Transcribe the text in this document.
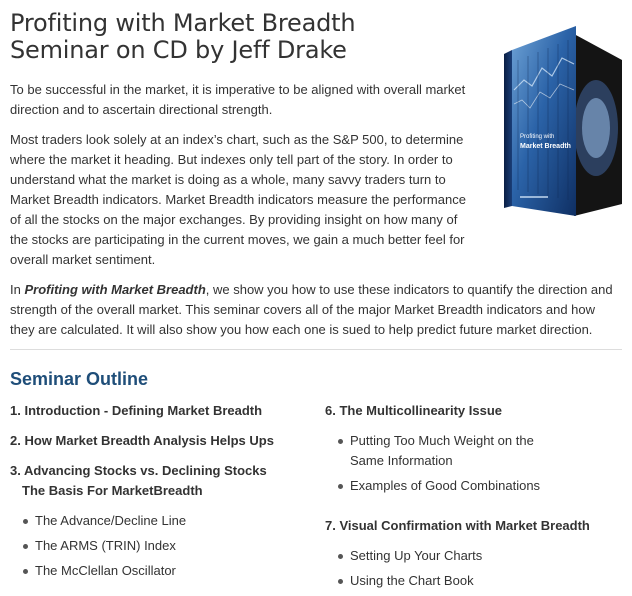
Profiting with Market Breadth
Seminar on CD by Jeff Drake
Profiting with
Market Breadth

To be successful in the market, it is imperative to be aligned with overall market
direction and to ascertain directional strength.

Most traders look solely at an index’s chart, such as the S&P 500, to determine
where the market it heading. But indexes only tell part of the story. In order to
understand what the market is doing as a whole, many savvy traders turn to
Market Breadth indicators. Market Breadth indicators measure the performance
of all the stocks on the major exchanges. By providing insight on how many of
the stocks are participating in the current moves, we gain a much better feel for
overall market sentiment.

In Profiting with Market Breadth, we show you how to use these indicators to quantify the direction and
strength of the overall market. This seminar covers all of the major Market Breadth indicators and how
they are calculated. It will also show you how each one is sued to help predict future market direction.

Seminar Outline
1. Introduction - Defining Market Breadth
2. How Market Breadth Analysis Helps Ups
3. Advancing Stocks vs. Declining Stocks
The Basis For MarketBreadth
The Advance/Decline Line
The ARMS (TRIN) Index
The McClellan Oscillator
6. The Multicollinearity Issue
Putting Too Much Weight on the
Same Information
Examples of Good Combinations
7. Visual Confirmation with Market Breadth
Setting Up Your Charts
Using the Chart Book
